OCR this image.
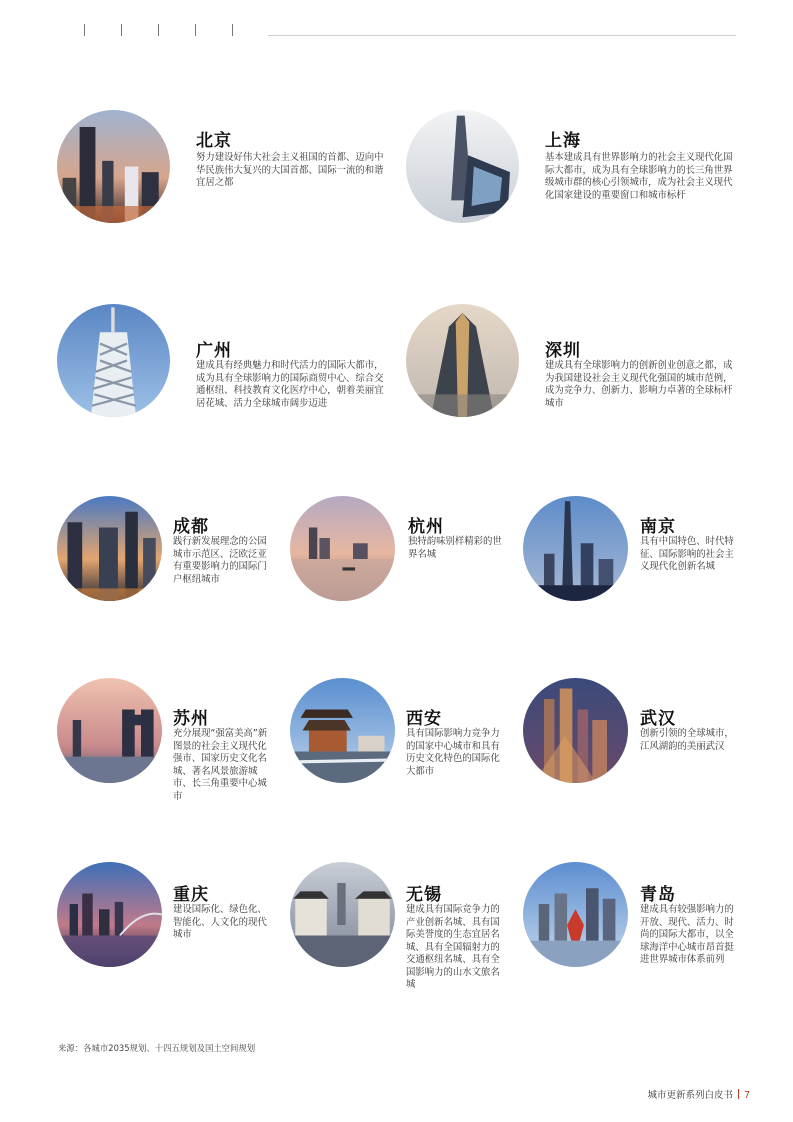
北京
努力建设好伟大社会主义祖国的首都、迈向中华民族伟大复兴的大国首都、国际一流的和谐宜居之都
上海
基本建成具有世界影响力的社会主义现代化国际大都市，成为具有全球影响力的长三角世界级城市群的核心引领城市，成为社会主义现代化国家建设的重要窗口和城市标杆
广州
建成具有经典魅力和时代活力的国际大都市，成为具有全球影响力的国际商贸中心、综合交通枢纽、科技教育文化医疗中心，朝着美丽宜居花城、活力全球城市阔步迈进
深圳
建成具有全球影响力的创新创业创意之都，成为我国建设社会主义现代化强国的城市范例，成为竞争力、创新力、影响力卓著的全球标杆城市
成都
践行新发展理念的公园城市示范区、泛欧泛亚有重要影响力的国际门户枢纽城市
杭州
独特韵味别样精彩的世界名城
南京
具有中国特色、时代特征、国际影响的社会主义现代化创新名城
苏州
充分展现“强富美高”新图景的社会主义现代化强市、国家历史文化名城、著名风景旅游城市、长三角重要中心城市
西安
具有国际影响力竞争力的国家中心城市和具有历史文化特色的国际化大都市
武汉
创新引领的全球城市，江风湖韵的美丽武汉
重庆
建设国际化、绿色化、智能化、人文化的现代城市
无锡
建成具有国际竞争力的产业创新名城、具有国际美誉度的生态宜居名城、具有全国辐射力的交通枢纽名城、具有全国影响力的山水文旅名城
青岛
建成具有较强影响力的开放、现代、活力、时尚的国际大都市，以全球海洋中心城市昂首挺进世界城市体系前列
来源：各城市2035规划、十四五规划及国土空间规划
城市更新系列白皮书 7
